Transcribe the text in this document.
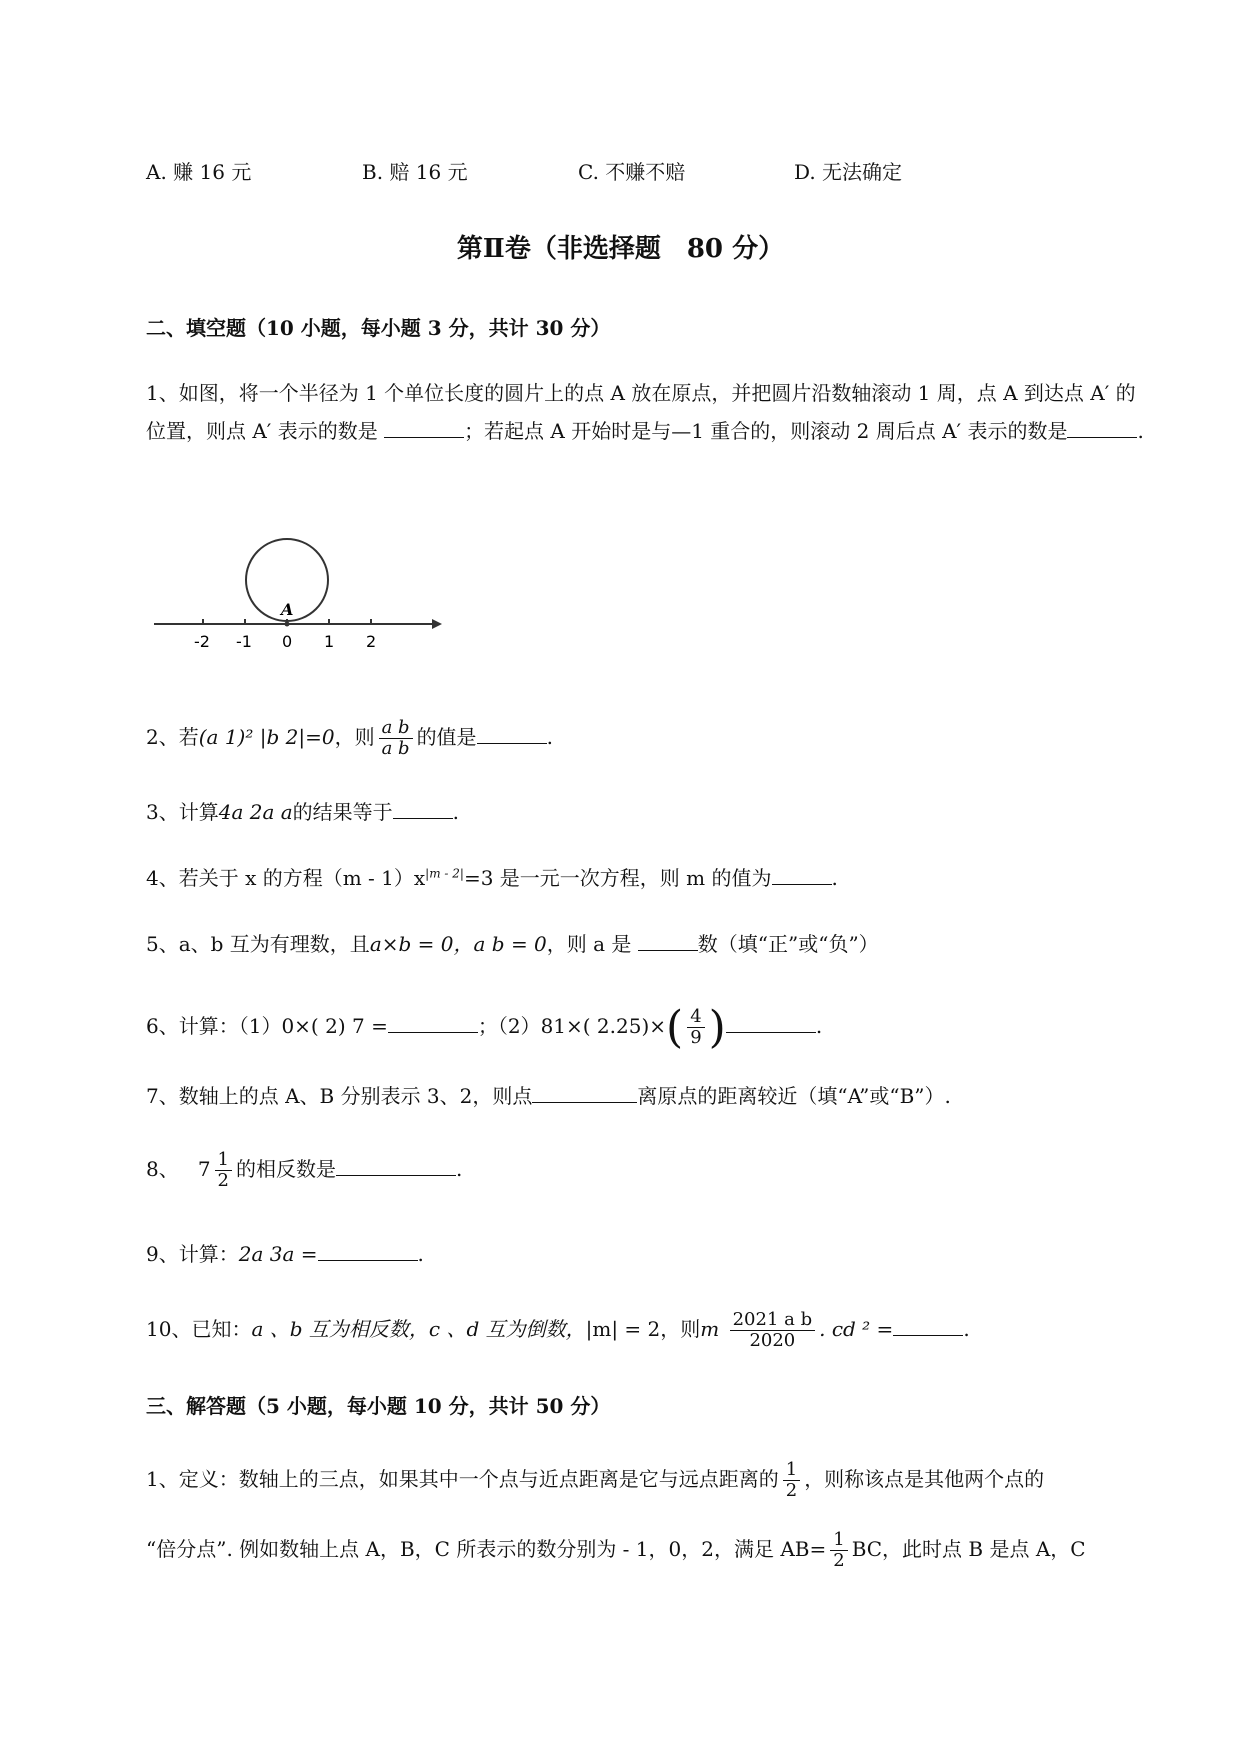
A. 赚 16 元	B. 赔 16 元	C. 不赚不赔	D. 无法确定
第Ⅱ卷（非选择题　80 分）
二、填空题（10 小题，每小题 3 分，共计 30 分）
1、如图，将一个半径为 1 个单位长度的圆片上的点 A 放在原点，并把圆片沿数轴滚动 1 周，点 A 到达点 A′ 的位置，则点 A′ 表示的数是	；若起点 A 开始时是与—1 重合的，则滚动 2 周后点 A′ 表示的数是	.
A
-2 -1 0 1 2
2、若(a 1)² |b 2|=0，则 $\frac{\text{a b}}{\text{a b}}$ 的值是	.
3、计算4a 2a a的结果等于	.
4、若关于 x 的方程$(m - 1)x^{|m - 2|}=3$ 是一元一次方程，则 m 的值为	.
5、a、b 互为有理数，且a×b = 0，a b = 0，则 a 是	数（填“正”或“负”）
6、计算：（1）0×( 2) 7 =	；（2）81×( $2.25)\times( \frac{4}{9}$ )	.
7、数轴上的点 A、B 分别表示 3、2，则点	离原点的距离较近（填“A”或“B”）.
8、 $7 \frac{1}{2}$ 的相反数是	.
9、计算：2a 3a =	.
10、已知：a 、b 互为相反数，c 、d 互为倒数，|m| = 2，则m $\frac{\text{2021 a b}}{2020}$ . cd ² =	.
三、解答题（5 小题，每小题 10 分，共计 50 分）
1、定义：数轴上的三点，如果其中一个点与近点距离是它与远点距离的 $\frac{1}{2}$ ，则称该点是其他两个点的
“倍分点”. 例如数轴上点 A，B，C 所表示的数分别为 - 1，0，2，满足 $AB= \frac{1}{2}$ BC，此时点 B 是点 A，C
